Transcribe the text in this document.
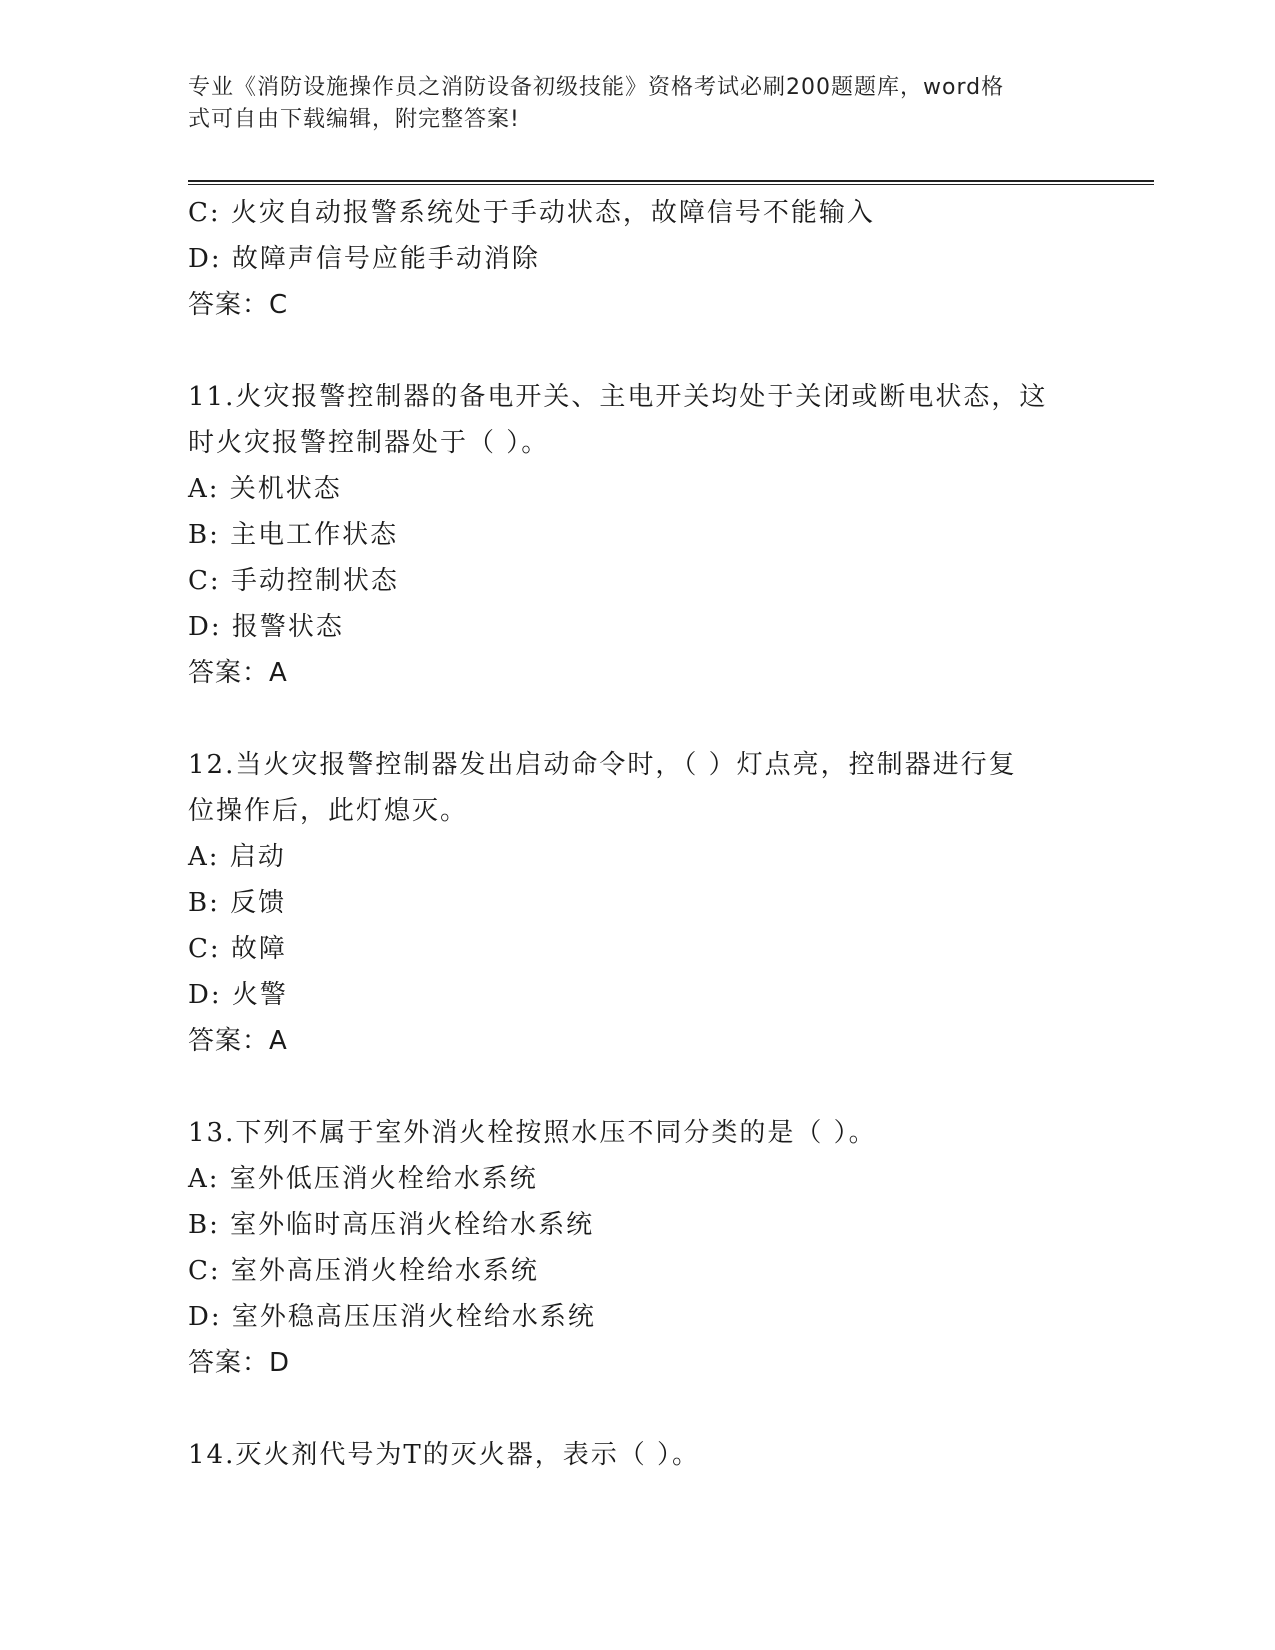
专业《消防设施操作员之消防设备初级技能》资格考试必刷200题题库，word格
式可自由下载编辑，附完整答案!
C: 火灾自动报警系统处于手动状态，故障信号不能输入
D: 故障声信号应能手动消除
答案：C
11.火灾报警控制器的备电开关、主电开关均处于关闭或断电状态，这
时火灾报警控制器处于（ ）。
A: 关机状态
B: 主电工作状态
C: 手动控制状态
D: 报警状态
答案：A
12.当火灾报警控制器发出启动命令时，（ ）灯点亮，控制器进行复
位操作后，此灯熄灭。
A: 启动
B: 反馈
C: 故障
D: 火警
答案：A
13.下列不属于室外消火栓按照水压不同分类的是（ ）。
A: 室外低压消火栓给水系统
B: 室外临时高压消火栓给水系统
C: 室外高压消火栓给水系统
D: 室外稳高压压消火栓给水系统
答案：D
14.灭火剂代号为T的灭火器，表示（ ）。
